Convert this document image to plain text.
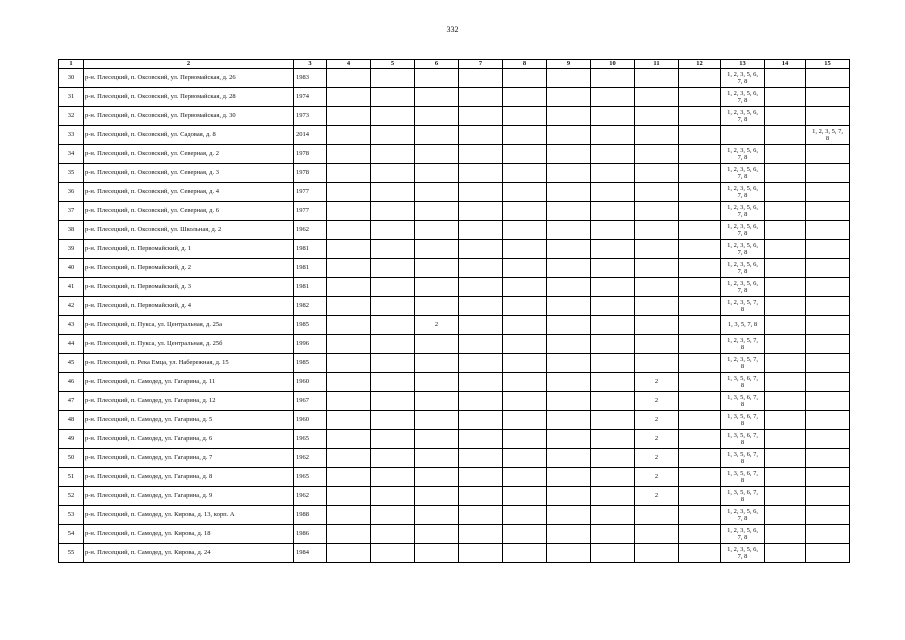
332
1	2	3	4	5	6	7	8	9	10	11	12	13	14	15
30	р-н. Плесецкий, п. Оксовский, ул. Первомайская, д. 26	1983										1, 2, 3, 5, 6,
7, 8		
31	р-н. Плесецкий, п. Оксовский, ул. Первомайская, д. 28	1974										1, 2, 3, 5, 6,
7, 8		
32	р-н. Плесецкий, п. Оксовский, ул. Первомайская, д. 30	1973										1, 2, 3, 5, 6,
7, 8		
33	р-н. Плесецкий, п. Оксовский, ул. Садовая, д. 8	2014												1, 2, 3, 5, 7,
8
34	р-н. Плесецкий, п. Оксовский, ул. Северная, д. 2	1978										1, 2, 3, 5, 6,
7, 8		
35	р-н. Плесецкий, п. Оксовский, ул. Северная, д. 3	1978										1, 2, 3, 5, 6,
7, 8		
36	р-н. Плесецкий, п. Оксовский, ул. Северная, д. 4	1977										1, 2, 3, 5, 6,
7, 8		
37	р-н. Плесецкий, п. Оксовский, ул. Северная, д. 6	1977										1, 2, 3, 5, 6,
7, 8		
38	р-н. Плесецкий, п. Оксовский, ул. Школьная, д. 2	1962										1, 2, 3, 5, 6,
7, 8		
39	р-н. Плесецкий, п. Первомайский, д. 1	1981										1, 2, 3, 5, 6,
7, 8		
40	р-н. Плесецкий, п. Первомайский, д. 2	1981										1, 2, 3, 5, 6,
7, 8		
41	р-н. Плесецкий, п. Первомайский, д. 3	1981										1, 2, 3, 5, 6,
7, 8		
42	р-н. Плесецкий, п. Первомайский, д. 4	1982										1, 2, 3, 5, 7,
8		
43	р-н. Плесецкий, п. Пукса, ул. Центральная, д. 25а	1985			2							1, 3, 5, 7, 8		
44	р-н. Плесецкий, п. Пукса, ул. Центральная, д. 25б	1996										1, 2, 3, 5, 7,
8		
45	р-н. Плесецкий, п. Река Емца, ул. Набережная, д. 15	1985										1, 2, 3, 5, 7,
8		
46	р-н. Плесецкий, п. Самодед, ул. Гагарина, д. 11	1960								2		1, 3, 5, 6, 7,
8		
47	р-н. Плесецкий, п. Самодед, ул. Гагарина, д. 12	1967								2		1, 3, 5, 6, 7,
8		
48	р-н. Плесецкий, п. Самодед, ул. Гагарина, д. 5	1960								2		1, 3, 5, 6, 7,
8		
49	р-н. Плесецкий, п. Самодед, ул. Гагарина, д. 6	1965								2		1, 3, 5, 6, 7,
8		
50	р-н. Плесецкий, п. Самодед, ул. Гагарина, д. 7	1962								2		1, 3, 5, 6, 7,
8		
51	р-н. Плесецкий, п. Самодед, ул. Гагарина, д. 8	1965								2		1, 3, 5, 6, 7,
8		
52	р-н. Плесецкий, п. Самодед, ул. Гагарина, д. 9	1962								2		1, 3, 5, 6, 7,
8		
53	р-н. Плесецкий, п. Самодед, ул. Кирова, д. 13, корп. А	1988										1, 2, 3, 5, 6,
7, 8		
54	р-н. Плесецкий, п. Самодед, ул. Кирова, д. 18	1986										1, 2, 3, 5, 6,
7, 8		
55	р-н. Плесецкий, п. Самодед, ул. Кирова, д. 24	1984										1, 2, 3, 5, 6,
7, 8		
